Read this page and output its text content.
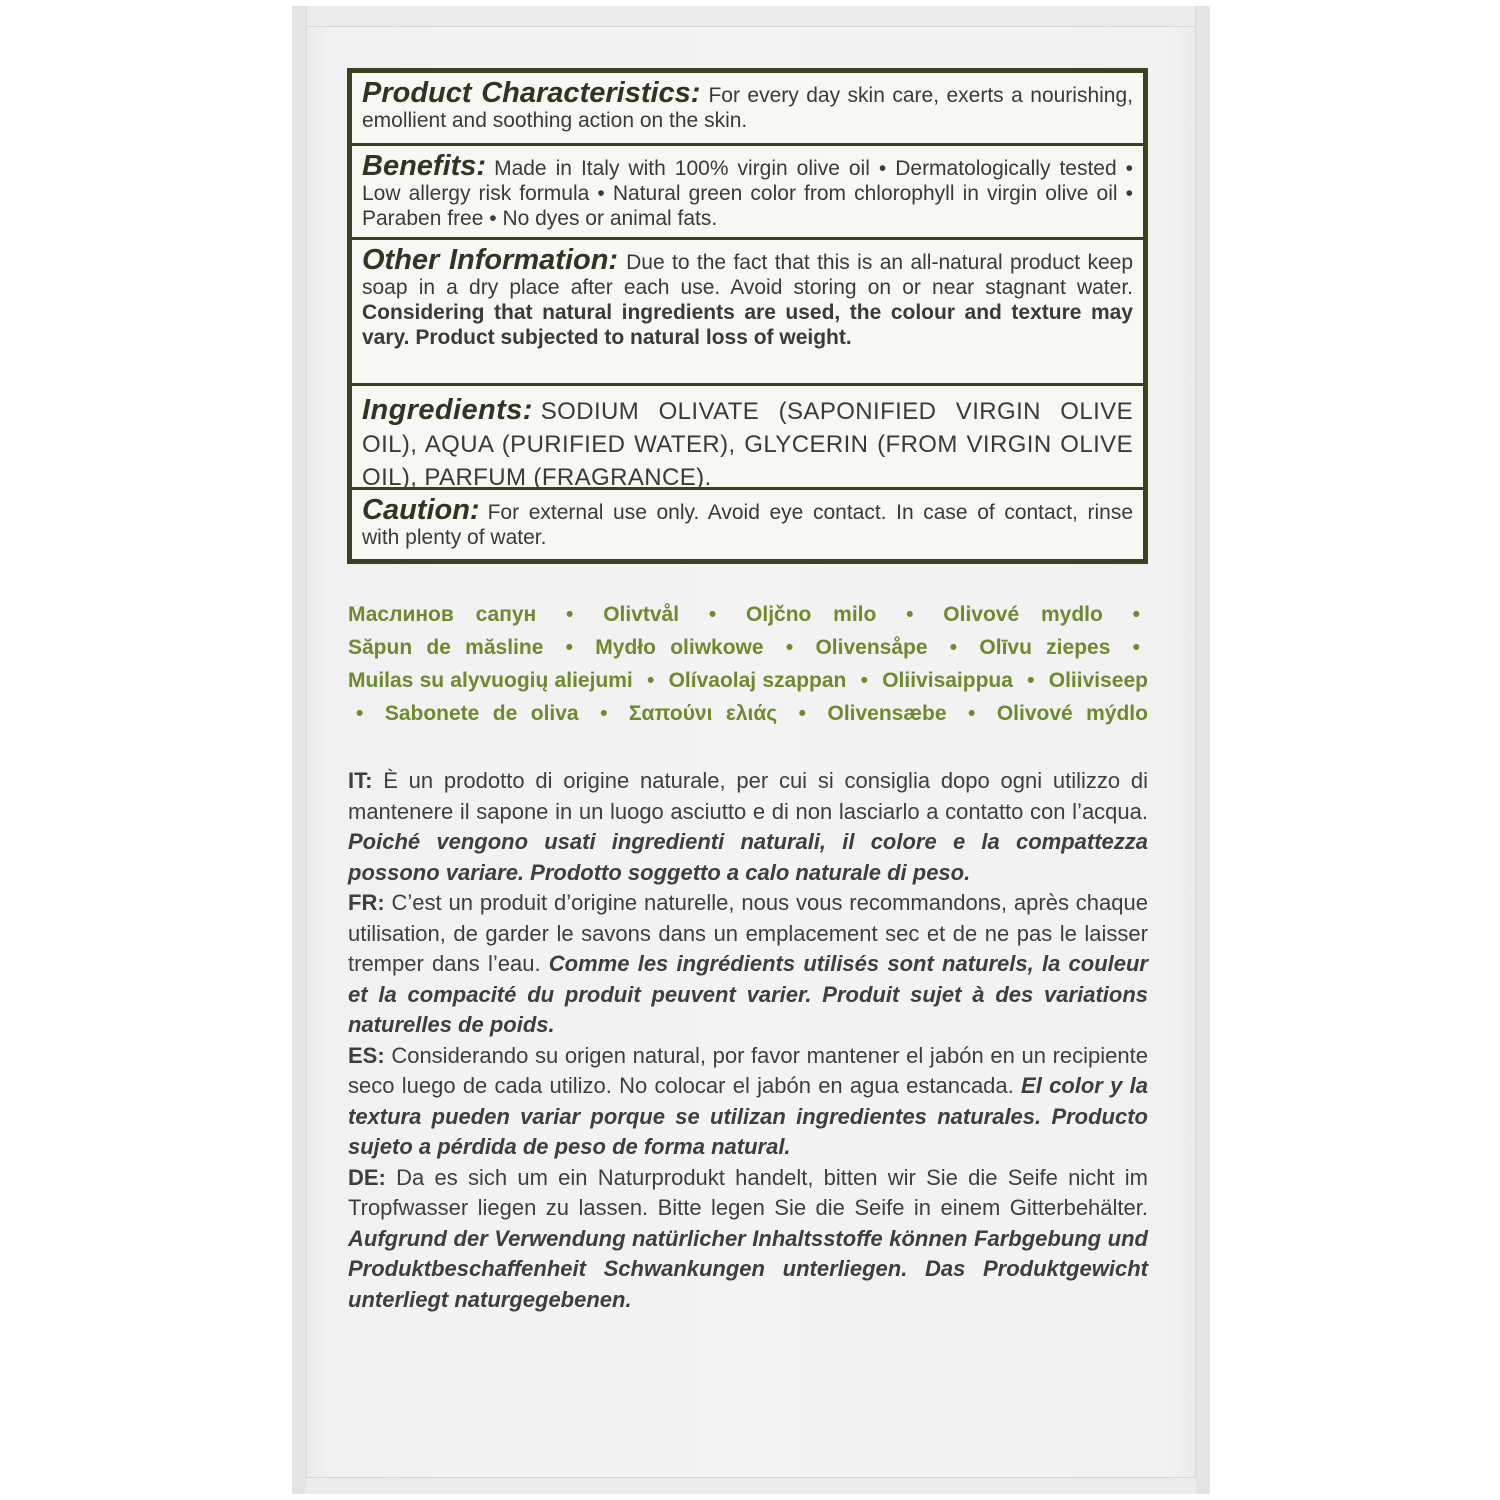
Product Characteristics: For every day skin care, exerts a nourishing, emollient and soothing action on the skin.
Benefits: Made in Italy with 100% virgin olive oil • Dermatologically tested • Low allergy risk formula • Natural green color from chlorophyll in virgin olive oil • Paraben free • No dyes or animal fats.
Other Information: Due to the fact that this is an all-natural product keep soap in a dry place after each use. Avoid storing on or near stagnant water. Considering that natural ingredients are used, the colour and texture may vary. Product subjected to natural loss of weight.
Ingredients: SODIUM OLIVATE (SAPONIFIED VIRGIN OLIVE OIL), AQUA (PURIFIED WATER), GLYCERIN (FROM VIRGIN OLIVE OIL), PARFUM (FRAGRANCE).
Caution: For external use only. Avoid eye contact. In case of contact, rinse with plenty of water.
Маслинов сапун • Olivtvål • Oljčno milo • Olivové mydlo • Săpun de măsline • Mydło oliwkowe • Olivensåpe • Olīvu ziepes • Muilas su alyvuogių aliejumi • Olívaolaj szappan • Oliivisaippua • Oliiviseep • Sabonete de oliva • Σαπούνι ελιάς • Olivensæbe • Olivové mýdlo

IT: È un prodotto di origine naturale, per cui si consiglia dopo ogni utilizzo di mantenere il sapone in un luogo asciutto e di non lasciarlo a contatto con l’acqua. Poiché vengono usati ingredienti naturali, il colore e la compattezza possono variare. Prodotto soggetto a calo naturale di peso.

FR: C’est un produit d’origine naturelle, nous vous recommandons, après chaque utilisation, de garder le savons dans un emplacement sec et de ne pas le laisser tremper dans l’eau. Comme les ingrédients utilisés sont naturels, la couleur et la compacité du produit peuvent varier. Produit sujet à des variations naturelles de poids.

ES: Considerando su origen natural, por favor mantener el jabón en un recipiente seco luego de cada utilizo. No colocar el jabón en agua estancada. El color y la textura pueden variar porque se utilizan ingredientes naturales. Producto sujeto a pérdida de peso de forma natural.

DE: Da es sich um ein Naturprodukt handelt, bitten wir Sie die Seife nicht im Tropfwasser liegen zu lassen. Bitte legen Sie die Seife in einem Gitterbehälter. Aufgrund der Verwendung natürlicher Inhaltsstoffe können Farbgebung und Produktbeschaffenheit Schwankungen unterliegen. Das Produktgewicht unterliegt naturgegebenen.
